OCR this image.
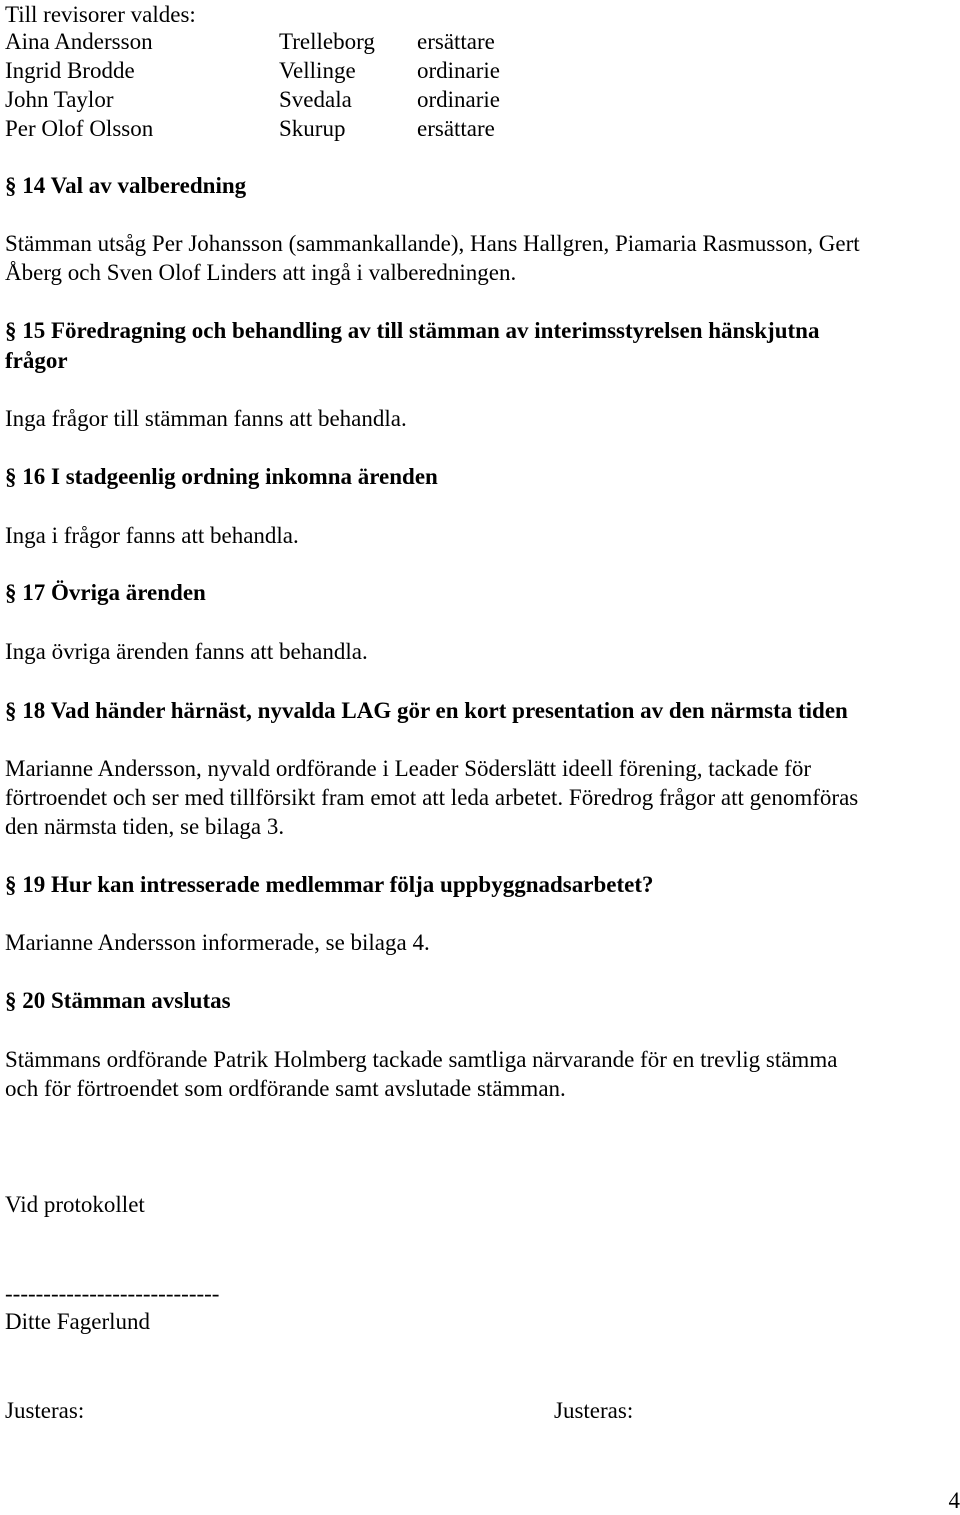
Till revisorer valdes:
Aina Andersson	Trelleborg ersättare
Ingrid Brodde	Vellinge	ordinarie
John Taylor	Svedala	ordinarie
Per Olof Olsson	Skurup	ersättare
§ 14 Val av valberedning
Stämman utsåg Per Johansson (sammankallande), Hans Hallgren, Piamaria Rasmusson, Gert
Åberg och Sven Olof Linders att ingå i valberedningen.
§ 15 Föredragning och behandling av till stämman av interimsstyrelsen hänskjutna
frågor
Inga frågor till stämman fanns att behandla.
§ 16 I stadgeenlig ordning inkomna ärenden
Inga i frågor fanns att behandla.
§ 17 Övriga ärenden
Inga övriga ärenden fanns att behandla.
§ 18 Vad händer härnäst, nyvalda LAG gör en kort presentation av den närmsta tiden
Marianne Andersson, nyvald ordförande i Leader Söderslätt ideell förening, tackade för
förtroendet och ser med tillförsikt fram emot att leda arbetet. Föredrog frågor att genomföras
den närmsta tiden, se bilaga 3.
§ 19 Hur kan intresserade medlemmar följa uppbyggnadsarbetet?
Marianne Andersson informerade, se bilaga 4.
§ 20 Stämman avslutas
Stämmans ordförande Patrik Holmberg tackade samtliga närvarande för en trevlig stämma
och för förtroendet som ordförande samt avslutade stämman.
Vid protokollet
----------------------------
Ditte Fagerlund
Justeras:	Justeras:
4
